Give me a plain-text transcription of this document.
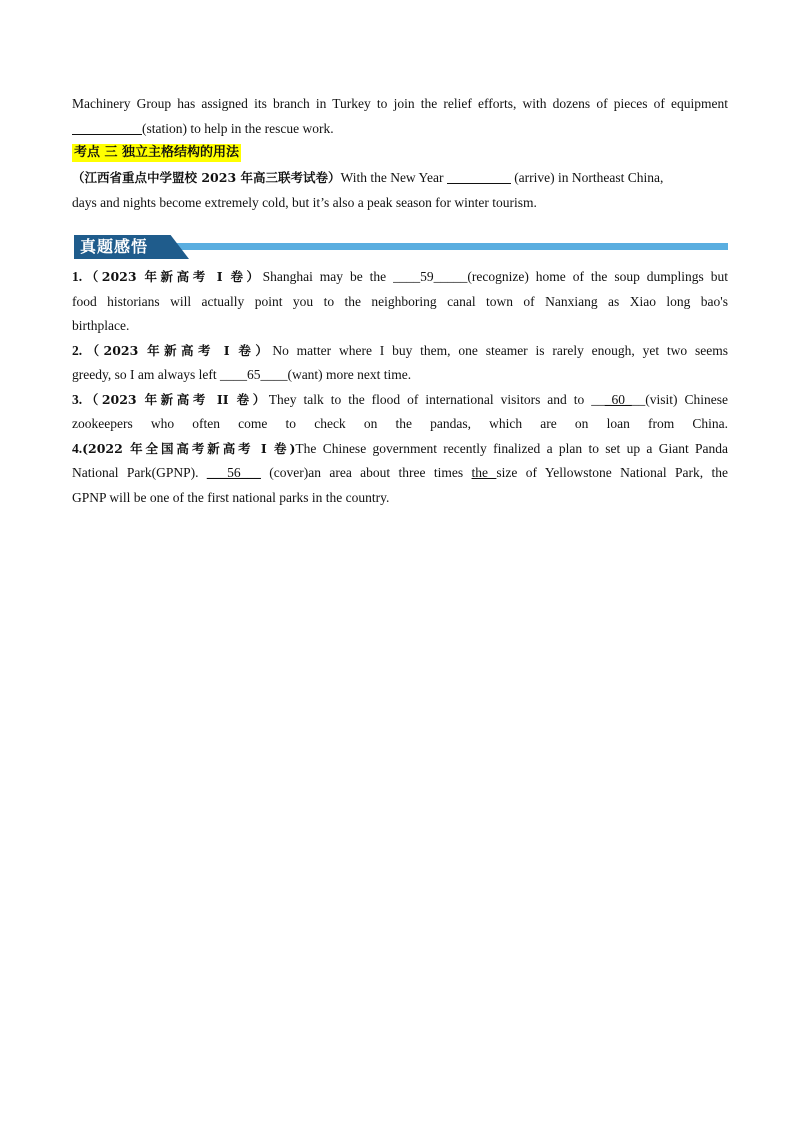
Machinery Group has assigned its branch in Turkey to join the relief efforts, with dozens of pieces of equipment
(station) to help in the rescue work.
考点 三 独立主格结构的用法
（江西省重点中学盟校 2023 年高三联考试卷）With the New Year	(arrive) in Northeast China,
days and nights become extremely cold, but it’s also a peak season for winter tourism.
真题感悟
1.（2023 年新高考 I 卷）Shanghai may be the ____59_____(recognize) home of the soup dumplings but
food historians will actually point you to the neighboring canal town of Nanxiang as Xiao long bao's
birthplace.
2.（2023 年新高考 I 卷）No matter where I buy them, one steamer is rarely enough, yet two seems
greedy, so I am always left ____65____(want) more next time.
3.（2023 年新高考 II 卷）They talk to the flood of international visitors and to ___60___(visit) Chinese
zookeepers who often come to check on the pandas, which are on loan from China.
4.(2022 年全国高考新高考 I 卷)The Chinese government recently finalized a plan to set up a Giant Panda
National Park(GPNP). ___56___ (cover)an area about three times the size of Yellowstone National Park, the
GPNP will be one of the first national parks in the country.
